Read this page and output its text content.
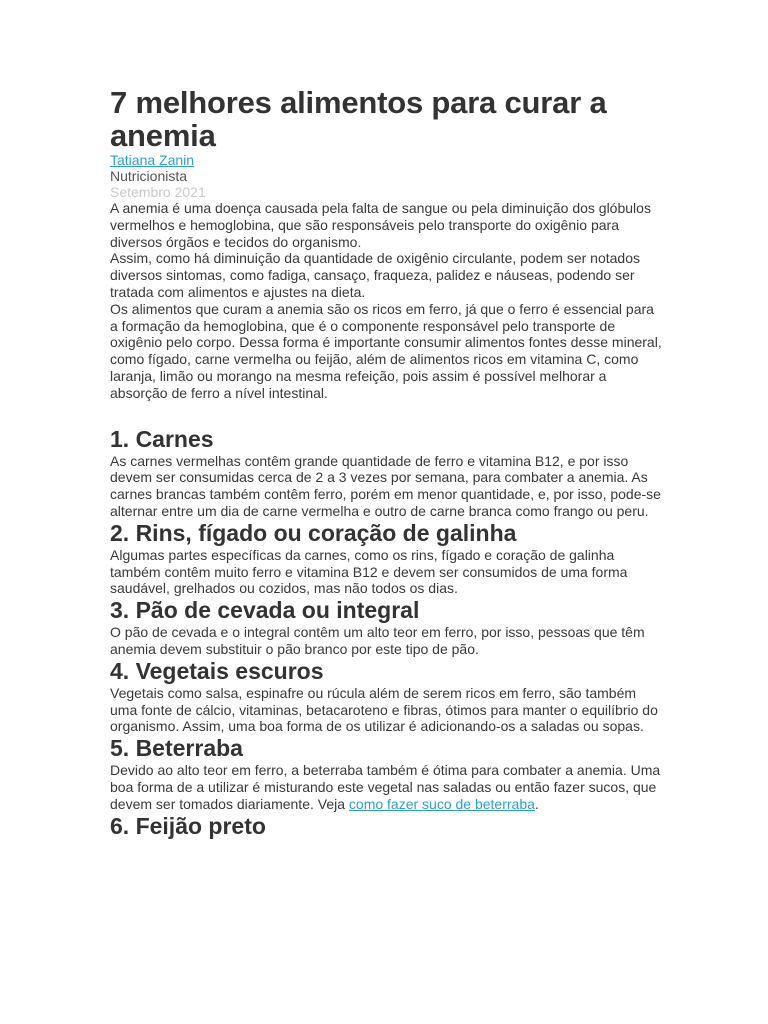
7 melhores alimentos para curar a anemia
Tatiana Zanin
Nutricionista
Setembro 2021

A anemia é uma doença causada pela falta de sangue ou pela diminuição dos glóbulos vermelhos e hemoglobina, que são responsáveis pelo transporte do oxigênio para diversos órgãos e tecidos do organismo.

Assim, como há diminuição da quantidade de oxigênio circulante, podem ser notados diversos sintomas, como fadiga, cansaço, fraqueza, palidez e náuseas, podendo ser tratada com alimentos e ajustes na dieta.

Os alimentos que curam a anemia são os ricos em ferro, já que o ferro é essencial para a formação da hemoglobina, que é o componente responsável pelo transporte de oxigênio pelo corpo. Dessa forma é importante consumir alimentos fontes desse mineral, como fígado, carne vermelha ou feijão, além de alimentos ricos em vitamina C, como laranja, limão ou morango na mesma refeição, pois assim é possível melhorar a absorção de ferro a nível intestinal.

1. Carnes

As carnes vermelhas contêm grande quantidade de ferro e vitamina B12, e por isso devem ser consumidas cerca de 2 a 3 vezes por semana, para combater a anemia. As carnes brancas também contêm ferro, porém em menor quantidade, e, por isso, pode-se alternar entre um dia de carne vermelha e outro de carne branca como frango ou peru.

2. Rins, fígado ou coração de galinha

Algumas partes específicas da carnes, como os rins, fígado e coração de galinha também contêm muito ferro e vitamina B12 e devem ser consumidos de uma forma saudável, grelhados ou cozidos, mas não todos os dias.

3. Pão de cevada ou integral

O pão de cevada e o integral contêm um alto teor em ferro, por isso, pessoas que têm anemia devem substituir o pão branco por este tipo de pão.

4. Vegetais escuros

Vegetais como salsa, espinafre ou rúcula além de serem ricos em ferro, são também uma fonte de cálcio, vitaminas, betacaroteno e fibras, ótimos para manter o equilíbrio do organismo. Assim, uma boa forma de os utilizar é adicionando-os a saladas ou sopas.

5. Beterraba

Devido ao alto teor em ferro, a beterraba também é ótima para combater a anemia. Uma boa forma de a utilizar é misturando este vegetal nas saladas ou então fazer sucos, que devem ser tomados diariamente. Veja como fazer suco de beterraba.

6. Feijão preto
